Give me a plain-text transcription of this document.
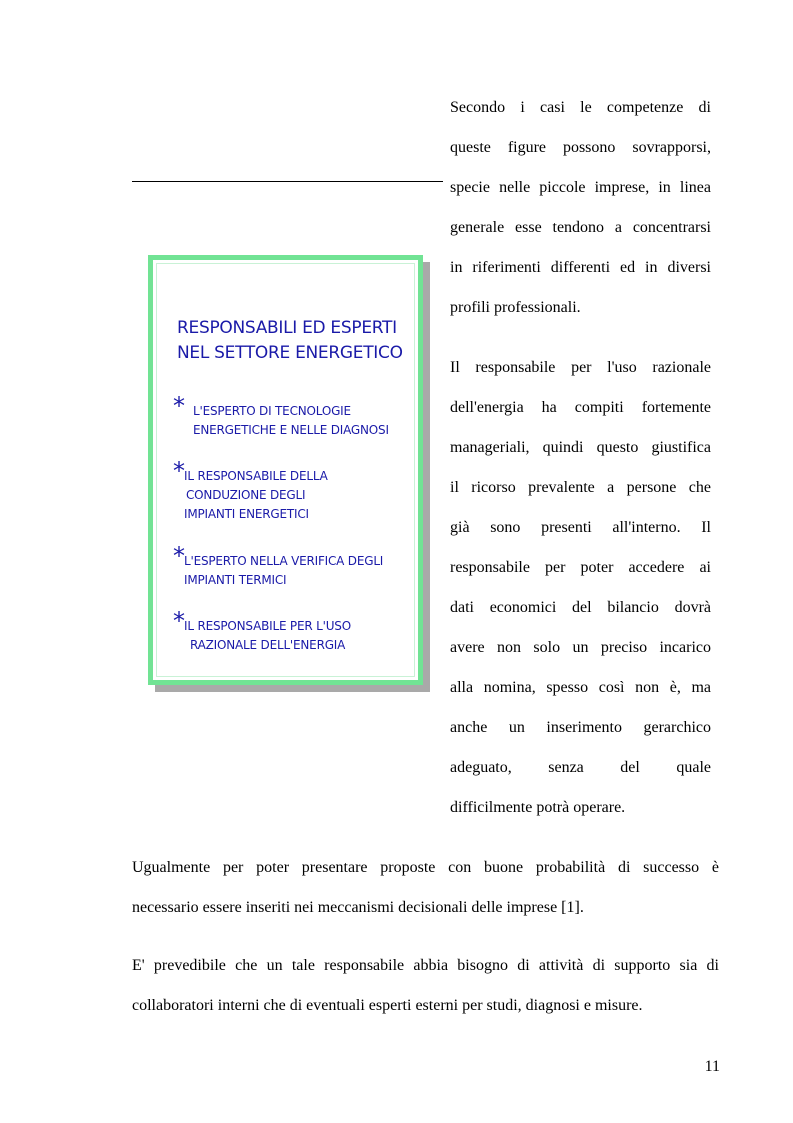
Secondo i casi le competenze di
queste figure possono sovrapporsi,
specie nelle piccole imprese, in linea
generale esse tendono a concentrarsi
in riferimenti differenti ed in diversi
profili professionali.
Il responsabile per l'uso razionale
dell'energia ha compiti fortemente
manageriali, quindi questo giustifica
il ricorso prevalente a persone che
già sono presenti all'interno. Il
responsabile per poter accedere ai
dati economici del bilancio dovrà
avere non solo un preciso incarico
alla nomina, spesso così non è, ma
anche un inserimento gerarchico
adeguato, senza del quale
difficilmente potrà operare.
RESPONSABILI ED ESPERTI
NEL SETTORE ENERGETICO
* L'ESPERTO DI TECNOLOGIE
ENERGETICHE E NELLE DIAGNOSI
* IL RESPONSABILE DELLA
CONDUZIONE DEGLI
IMPIANTI ENERGETICI
* L'ESPERTO NELLA VERIFICA DEGLI
IMPIANTI TERMICI
* IL RESPONSABILE PER L'USO
RAZIONALE DELL'ENERGIA
Ugualmente per poter presentare proposte con buone probabilità di successo è
necessario essere inseriti nei meccanismi decisionali delle imprese [1].
E' prevedibile che un tale responsabile abbia bisogno di attività di supporto sia di
collaboratori interni che di eventuali esperti esterni per studi, diagnosi e misure.
11
